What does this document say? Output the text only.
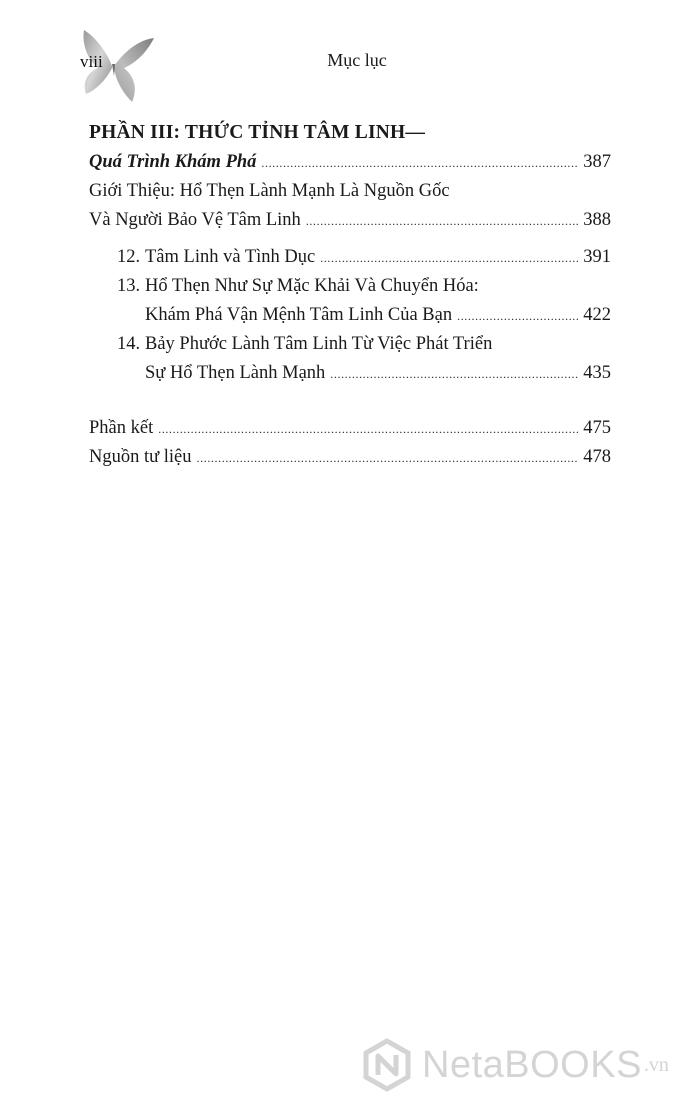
viii	Mục lục
PHẦN III: THỨC TỈNH TÂM LINH—
Quá Trình Khám Phá .....	387
Giới Thiệu: Hổ Thẹn Lành Mạnh Là Nguồn Gốc
Và Người Bảo Vệ Tâm Linh .....	388
12. Tâm Linh và Tình Dục .....	391
13. Hổ Thẹn Như Sự Mặc Khải Và Chuyển Hóa:
Khám Phá Vận Mệnh Tâm Linh Của Bạn .....	422
14. Bảy Phước Lành Tâm Linh Từ Việc Phát Triển
Sự Hổ Thẹn Lành Mạnh .....	435
Phần kết .....	475
Nguồn tư liệu .....	478
NetaBOOKS .vn
